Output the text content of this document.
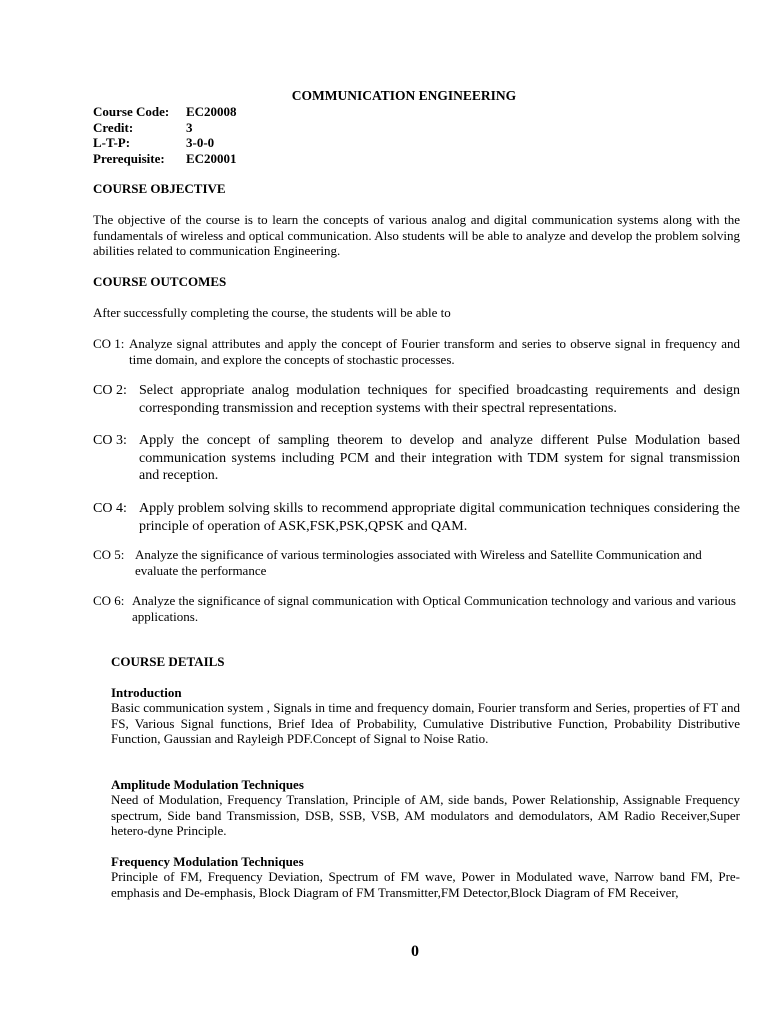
COMMUNICATION ENGINEERING
Course Code:	EC20008
Credit:	3
L-T-P:	3-0-0
Prerequisite:	EC20001
COURSE OBJECTIVE
The objective of the course is to learn the concepts of various analog and digital communication systems along with the fundamentals of wireless and optical communication. Also students will be able to analyze and develop the problem solving abilities related to communication Engineering.
COURSE OUTCOMES
After successfully completing the course, the students will be able to
CO 1: Analyze signal attributes and apply the concept of Fourier transform and series to observe signal in frequency and time domain, and explore the concepts of stochastic processes.
CO 2: Select appropriate analog modulation techniques for specified broadcasting requirements and design corresponding transmission and reception systems with their spectral representations.
CO 3: Apply the concept of sampling theorem to develop and analyze different Pulse Modulation based communication systems including PCM and their integration with TDM system for signal transmission and reception.
CO 4: Apply problem solving skills to recommend appropriate digital communication techniques considering the principle of operation of ASK,FSK,PSK,QPSK and QAM.
CO 5: Analyze the significance of various terminologies associated with Wireless and Satellite Communication and evaluate the performance
CO 6: Analyze the significance of signal communication with Optical Communication technology and various and various applications.
COURSE DETAILS
Introduction
Basic communication system , Signals in time and frequency domain, Fourier transform and Series, properties of FT and FS, Various Signal functions, Brief Idea of Probability, Cumulative Distributive Function, Probability Distributive Function, Gaussian and Rayleigh PDF.Concept of Signal to Noise Ratio.
Amplitude Modulation Techniques
Need of Modulation, Frequency Translation, Principle of AM, side bands, Power Relationship, Assignable Frequency spectrum, Side band Transmission, DSB, SSB, VSB, AM modulators and demodulators, AM Radio Receiver,Super hetero-dyne Principle.
Frequency Modulation Techniques
Principle of FM, Frequency Deviation, Spectrum of FM wave, Power in Modulated wave, Narrow band FM, Pre-emphasis and De-emphasis, Block Diagram of FM Transmitter,FM Detector,Block Diagram of FM Receiver,
0
